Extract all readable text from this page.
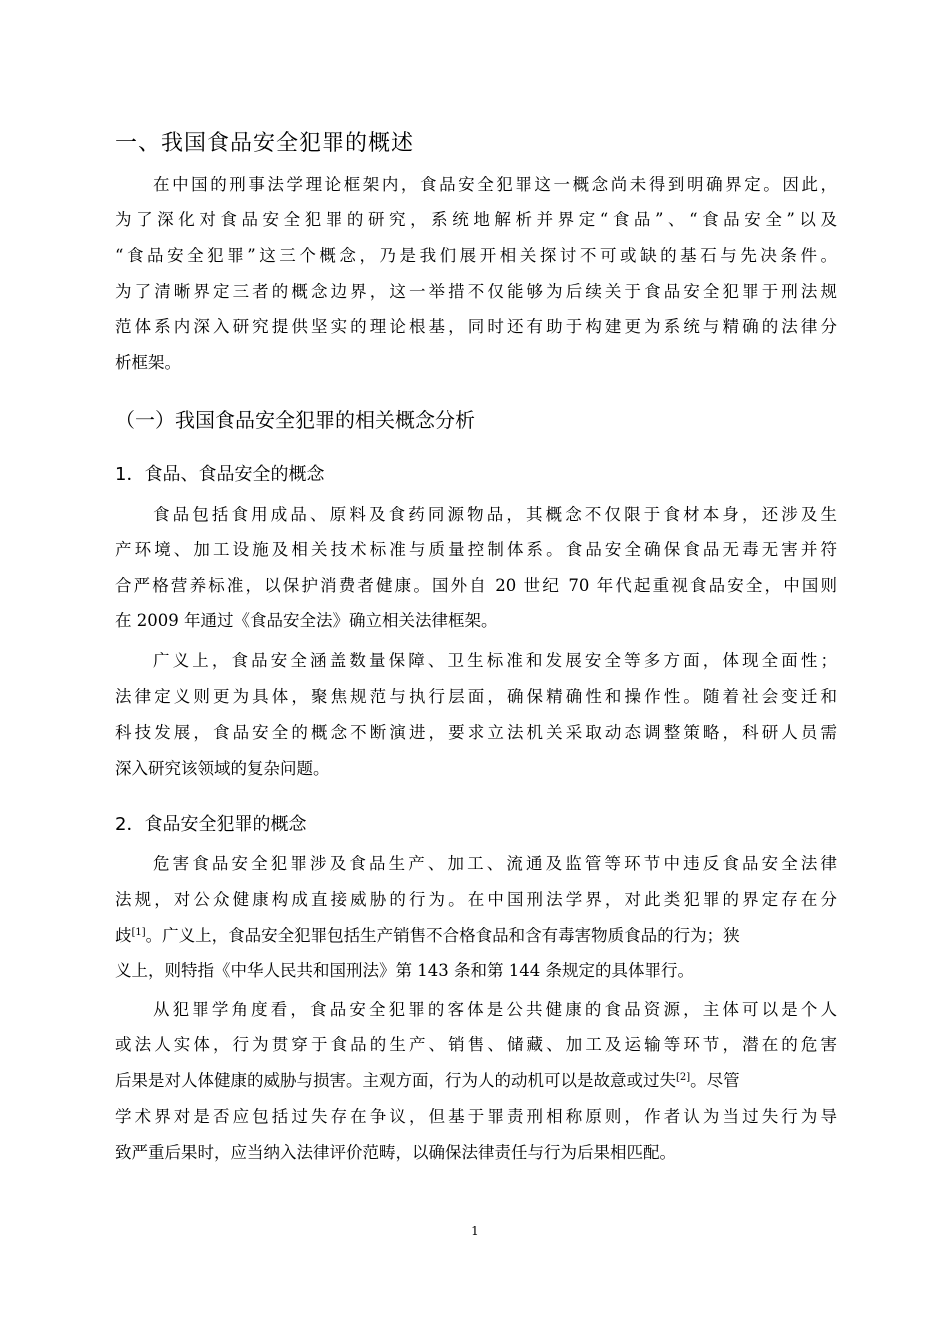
一、我国食品安全犯罪的概述
在中国的刑事法学理论框架内，食品安全犯罪这一概念尚未得到明确界定。因此，
为了深化对食品安全犯罪的研究，系统地解析并界定“食品”、“食品安全”以及
“食品安全犯罪”这三个概念，乃是我们展开相关探讨不可或缺的基石与先决条件。
为了清晰界定三者的概念边界，这一举措不仅能够为后续关于食品安全犯罪于刑法规
范体系内深入研究提供坚实的理论根基，同时还有助于构建更为系统与精确的法律分
析框架。
（一）我国食品安全犯罪的相关概念分析
1．食品、食品安全的概念
食品包括食用成品、原料及食药同源物品，其概念不仅限于食材本身，还涉及生
产环境、加工设施及相关技术标准与质量控制体系。食品安全确保食品无毒无害并符
合严格营养标准，以保护消费者健康。国外自 20 世纪 70 年代起重视食品安全，中国则
在 2009 年通过《食品安全法》确立相关法律框架。
广义上，食品安全涵盖数量保障、卫生标准和发展安全等多方面，体现全面性；
法律定义则更为具体，聚焦规范与执行层面，确保精确性和操作性。随着社会变迁和
科技发展，食品安全的概念不断演进，要求立法机关采取动态调整策略，科研人员需
深入研究该领域的复杂问题。
2．食品安全犯罪的概念
危害食品安全犯罪涉及食品生产、加工、流通及监管等环节中违反食品安全法律
法规，对公众健康构成直接威胁的行为。在中国刑法学界，对此类犯罪的界定存在分
歧[1]。广义上，食品安全犯罪包括生产销售不合格食品和含有毒害物质食品的行为；狭
义上，则特指《中华人民共和国刑法》第 143 条和第 144 条规定的具体罪行。
从犯罪学角度看，食品安全犯罪的客体是公共健康的食品资源，主体可以是个人
或法人实体，行为贯穿于食品的生产、销售、储藏、加工及运输等环节，潜在的危害
后果是对人体健康的威胁与损害。主观方面，行为人的动机可以是故意或过失[2]。尽管
学术界对是否应包括过失存在争议，但基于罪责刑相称原则，作者认为当过失行为导
致严重后果时，应当纳入法律评价范畴，以确保法律责任与行为后果相匹配。
1
